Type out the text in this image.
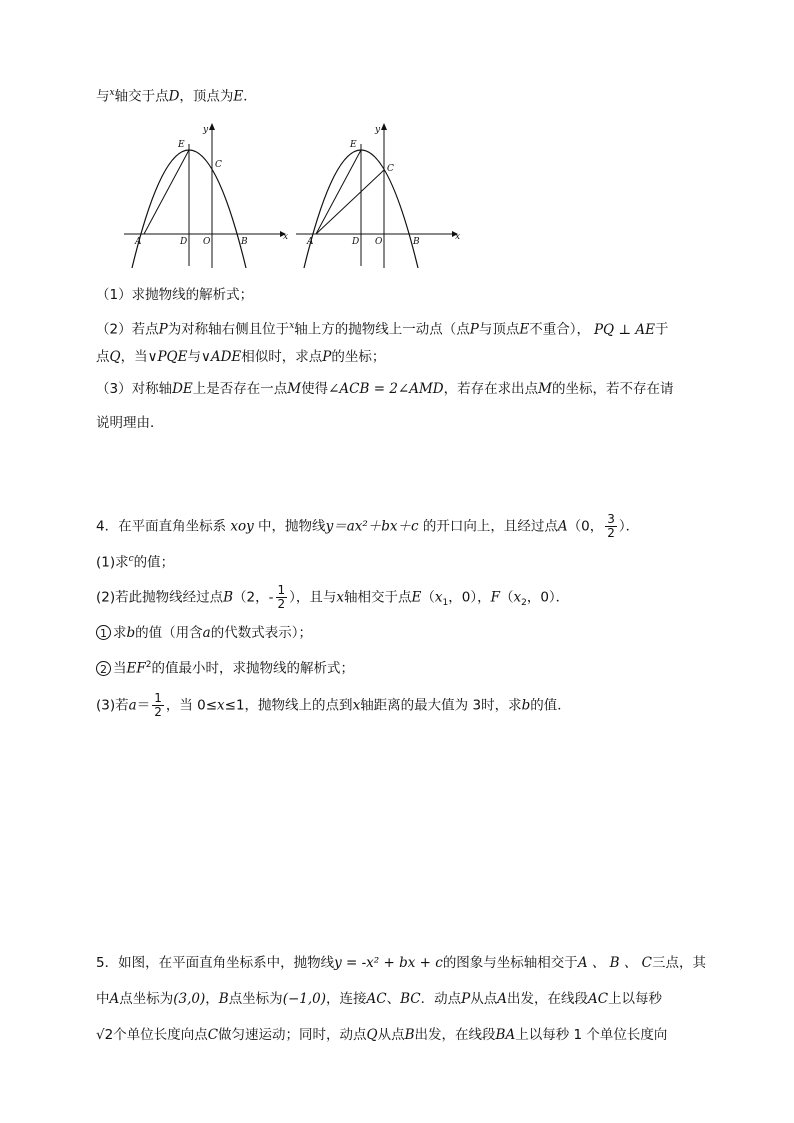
与$^x$轴交于点D，顶点为E．
E
C
y
x
A	D O	B
E
C
y
x
A	D O	B
（1）求抛物线的解析式；
（2）若点P为对称轴右侧且位于$^x$轴上方的抛物线上一动点（点P与顶点E不重合）， PQ ⊥ AE于
点Q，当∨PQE与∨ADE相似时，求点P的坐标；
（3）对称轴DE上是否存在一点M使得∠ACB = 2∠AMD，若存在求出点M的坐标，若不存在请
说明理由．
4．在平面直角坐标系 xoy 中，抛物线y＝ax²＋bx＋c 的开口向上，且经过点A（0， $\frac{3}{2}$ ）．
(1)求$^c$的值；
(2)若此抛物线经过点B（2，- $\frac{1}{2}$ ），且与x轴相交于点$E(x_1$，0），$F(x_2$，0）．
1 求b的值（用含a的代数式表示）；
2 当$EF^2$的值最小时，求抛物线的解析式；
(3)若$a= \frac{1}{2}$ ，当 0≤x≤1，抛物线上的点到x轴距离的最大值为 3时，求b的值．
5．如图，在平面直角坐标系中，抛物线y = -x² + bx + c的图象与坐标轴相交于A 、 B 、 C三点，其
中A点坐标为(3,0)，B点坐标为(−1,0)，连接AC、BC．动点P从点A出发，在线段AC上以每秒
√2个单位长度向点C做匀速运动；同时，动点Q从点B出发，在线段BA上以每秒 1 个单位长度向
